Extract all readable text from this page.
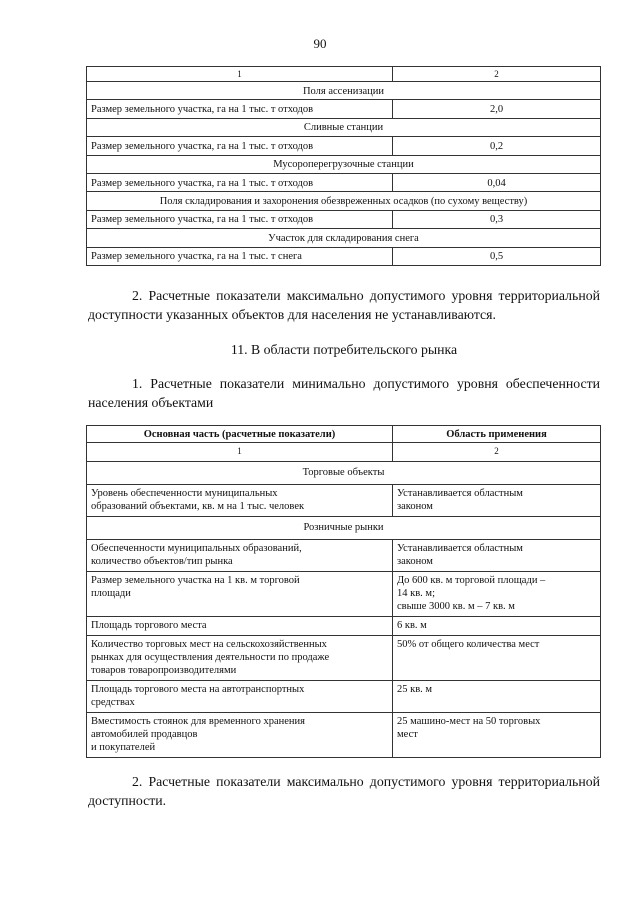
90
1	2
Поля ассенизации	
Размер земельного участка, га на 1 тыс. т отходов	2,0
Сливные станции	
Размер земельного участка, га на 1 тыс. т отходов	0,2
Мусороперегрузочные станции	
Размер земельного участка, га на 1 тыс. т отходов	0,04
Поля складирования и захоронения обезвреженных осадков (по сухому веществу)	
Размер земельного участка, га на 1 тыс. т отходов	0,3
Участок для складирования снега	
Размер земельного участка, га на 1 тыс. т снега	0,5
2. Расчетные показатели максимально допустимого уровня территориальной доступности указанных объектов для населения не устанавливаются.
11. В области потребительского рынка
1. Расчетные показатели минимально допустимого уровня обеспеченности населения объектами
Основная часть (расчетные показатели)	Область применения
1	2
Торговые объекты	
Уровень обеспеченности муниципальных
образований объектами, кв. м на 1 тыс. человек	Устанавливается областным
законом
Розничные рынки	
Обеспеченности муниципальных образований,
количество объектов/тип рынка	Устанавливается областным
законом
Размер земельного участка на 1 кв. м торговой
площади	До 600 кв. м торговой площади –
14 кв. м;
свыше 3000 кв. м – 7 кв. м
Площадь торгового места	6 кв. м
Количество торговых мест на сельскохозяйственных
рынках для осуществления деятельности по продаже
товаров товаропроизводителями	50% от общего количества мест
Площадь торгового места на автотранспортных
средствах	25 кв. м
Вместимость стоянок для временного хранения
автомобилей продавцов
и покупателей	25 машино-мест на 50 торговых
мест
2. Расчетные показатели максимально допустимого уровня территориальной доступности.
